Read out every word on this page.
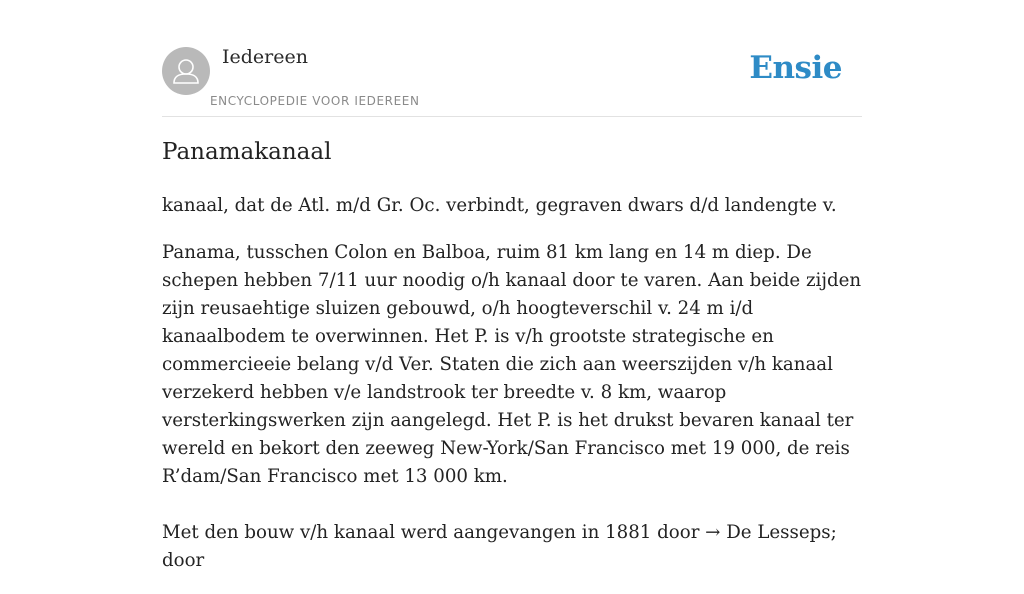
Iedereen
ENCYCLOPEDIE VOOR IEDEREEN
Ensie
Panamakanaal

kanaal, dat de Atl. m/d Gr. Oc. verbindt, gegraven dwars d/d landengte v.

Panama, tusschen Colon en Balboa, ruim 81 km lang en 14 m diep. De schepen hebben 7/11 uur noodig o/h kanaal door te varen. Aan beide zijden zijn reusaehtige sluizen gebouwd, o/h hoogteverschil v. 24 m i/d kanaalbodem te overwinnen. Het P. is v/h grootste strategische en commercieeie belang v/d Ver. Staten die zich aan weerszijden v/h kanaal verzekerd hebben v/e landstrook ter breedte v. 8 km, waarop versterkingswerken zijn aangelegd. Het P. is het drukst bevaren kanaal ter wereld en bekort den zeeweg New-York/San Francisco met 19 000, de reis R’dam/San Francisco met 13 000 km.

Met den bouw v/h kanaal werd aangevangen in 1881 door → De Lesseps; door
